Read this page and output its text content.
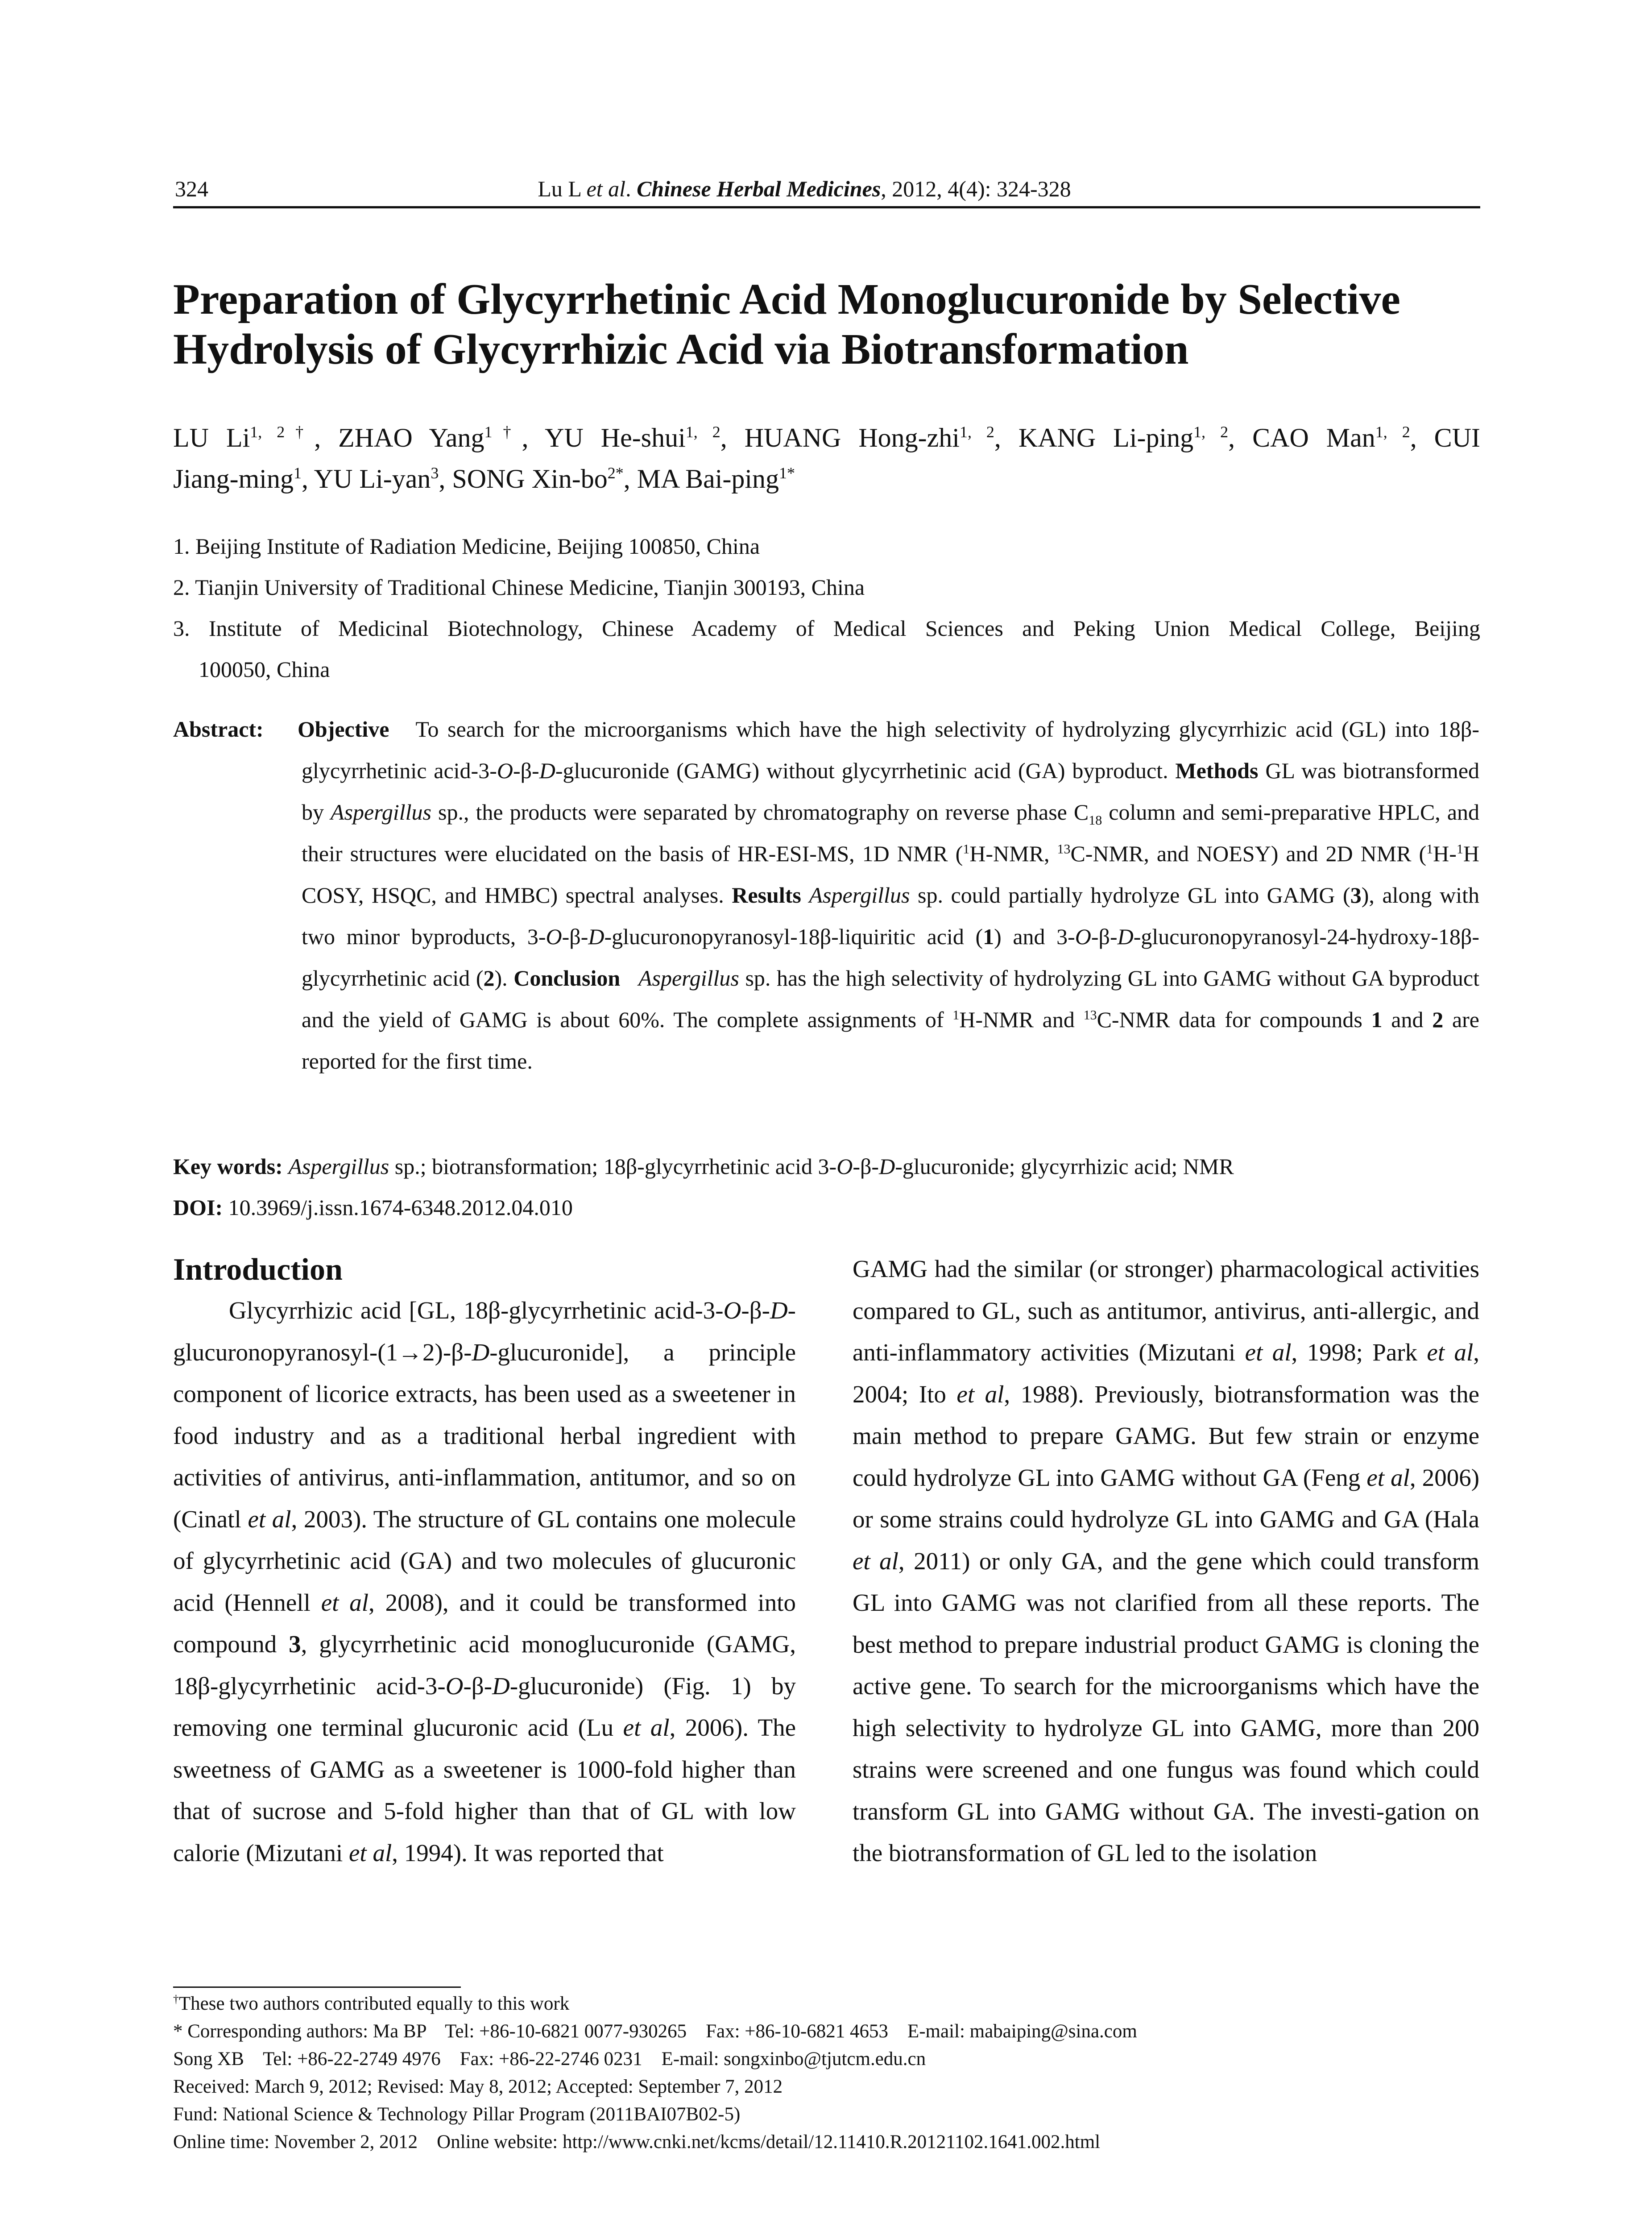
324	Lu L et al. Chinese Herbal Medicines, 2012, 4(4): 324-328
Preparation of Glycyrrhetinic Acid Monoglucuronide by Selective
Hydrolysis of Glycyrrhizic Acid via Biotransformation
LU $Li^{1, 2\dagger}$, ZHAO Yang$^{1\dagger}$, YU He-shui$^{1, 2}$, HUANG Hong-zhi$^{1, 2}$, KANG Li-ping$^{1, 2}$, CAO Man$^{1, 2}$, CUI
Jiang-ming$^1$, YU Li-yan$^3$, SONG Xin-$bo^{2*}$, MA Bai-ping$^{1*}$
1. Beijing Institute of Radiation Medicine, Beijing 100850, China
2. Tianjin University of Traditional Chinese Medicine, Tianjin 300193, China
3. Institute of Medicinal Biotechnology, Chinese Academy of Medical Sciences and Peking Union Medical College, Beijing
100050, China
Abstract: Objective To search for the microorganisms which have the high selectivity of hydrolyzing glycyrrhizic acid (GL) into 18β-glycyrrhetinic acid-3-O-β-D-glucuronide (GAMG) without glycyrrhetinic acid (GA) byproduct. Methods GL was biotransformed by Aspergillus sp., the products were separated by chromatography on reverse phase $C_{18}$ column and semi-preparative HPLC, and their structures were elucidated on the basis of HR-ESI-MS, 1D NMR ($^1$H-NMR, $^{13}$C-NMR, and NOESY) and 2D NMR ($^1$H-$^1$H COSY, HSQC, and HMBC) spectral analyses. Results Aspergillus sp. could partially hydrolyze GL into GAMG (3), along with two minor byproducts, 3-O-β-D-glucuronopyranosyl-18β-liquiritic acid (1) and 3-O-β-D-glucuronopyranosyl-24-hydroxy-18β-glycyrrhetinic acid (2). Conclusion Aspergillus sp. has the high selectivity of hydrolyzing GL into GAMG without GA byproduct and the yield of GAMG is about 60%. The complete assignments of $^1$H-NMR and $^{13}$C-NMR data for compounds 1 and 2 are reported for the first time.
Key words: Aspergillus sp.; biotransformation; 18β-glycyrrhetinic acid 3-O-β-D-glucuronide; glycyrrhizic acid; NMR
DOI: 10.3969/j.issn.1674-6348.2012.04.010
Introduction

Glycyrrhizic acid [GL, 18β-glycyrrhetinic acid-3-O-β-D-glucuronopyranosyl-(1→2)-β-D-glucuronide], a principle component of licorice extracts, has been used as a sweetener in food industry and as a traditional herbal ingredient with activities of antivirus, anti-inflammation, antitumor, and so on (Cinatl et al, 2003). The structure of GL contains one molecule of glycyrrhetinic acid (GA) and two molecules of glucuronic acid (Hennell et al, 2008), and it could be transformed into compound 3, glycyrrhetinic acid monoglucuronide (GAMG, 18β-glycyrrhetinic acid-3-O-β-D-glucuronide) (Fig. 1) by removing one terminal glucuronic acid (Lu et al, 2006). The sweetness of GAMG as a sweetener is 1000-fold higher than that of sucrose and 5-fold higher than that of GL with low calorie (Mizutani et al, 1994). It was reported that

GAMG had the similar (or stronger) pharmacological activities compared to GL, such as antitumor, antivirus, anti-allergic, and anti-inflammatory activities (Mizutani et al, 1998; Park et al, 2004; Ito et al, 1988). Previously, biotransformation was the main method to prepare GAMG. But few strain or enzyme could hydrolyze GL into GAMG without GA (Feng et al, 2006) or some strains could hydrolyze GL into GAMG and GA (Hala et al, 2011) or only GA, and the gene which could transform GL into GAMG was not clarified from all these reports. The best method to prepare industrial product GAMG is cloning the active gene. To search for the microorganisms which have the high selectivity to hydrolyze GL into GAMG, more than 200 strains were screened and one fungus was found which could transform GL into GAMG without GA. The investi-gation on the biotransformation of GL led to the isolation

†These two authors contributed equally to this work
* Corresponding authors: Ma BP    Tel: +86-10-6821 0077-930265    Fax: +86-10-6821 4653    E-mail: mabaiping@sina.com
Song XB    Tel: +86-22-2749 4976    Fax: +86-22-2746 0231    E-mail: songxinbo@tjutcm.edu.cn
Received: March 9, 2012; Revised: May 8, 2012; Accepted: September 7, 2012
Fund: National Science & Technology Pillar Program (2011BAI07B02-5)
Online time: November 2, 2012    Online website: http://www.cnki.net/kcms/detail/12.11410.R.20121102.1641.002.html
